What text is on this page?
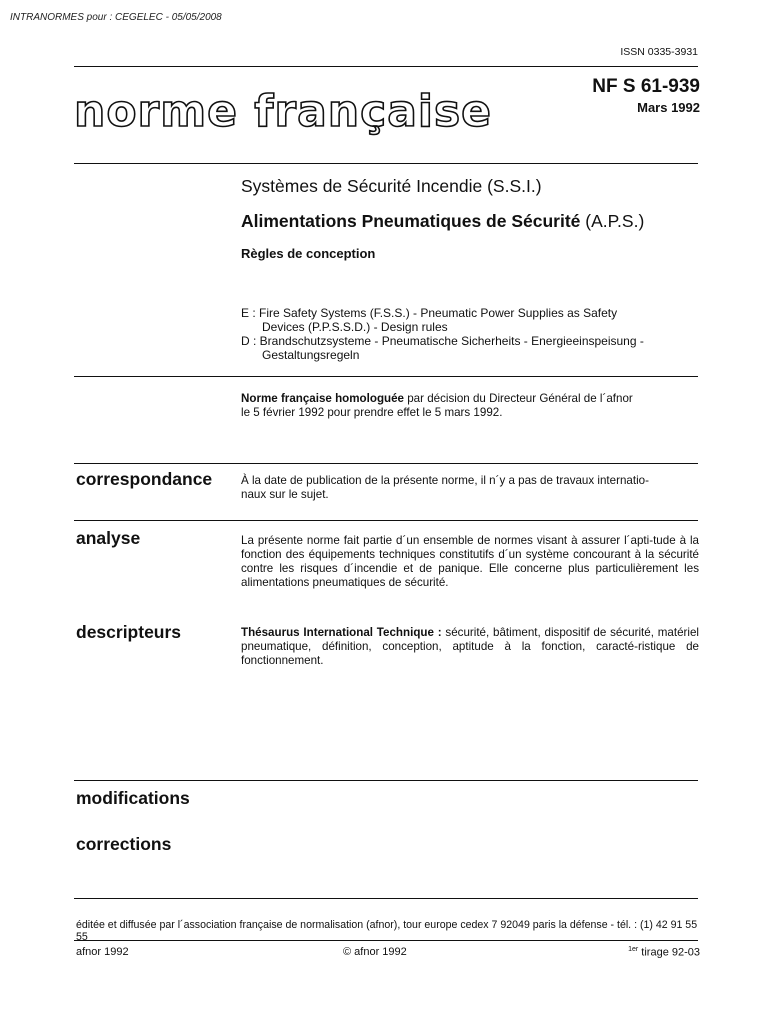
INTRANORMES pour : CEGELEC - 05/05/2008
ISSN 0335-3931
norme française	NF S 61-939
Mars 1992
Systèmes de Sécurité Incendie (S.S.I.)
Alimentations Pneumatiques de Sécurité (A.P.S.)
Règles de conception
E : Fire Safety Systems (F.S.S.) - Pneumatic Power Supplies as Safety
Devices (P.P.S.S.D.) - Design rules
D : Brandschutzsysteme - Pneumatische Sicherheits - Energieeinspeisung -
Gestaltungsregeln
Norme française homologuée par décision du Directeur Général de l´afnor
le 5 février 1992 pour prendre effet le 5 mars 1992.
correspondance À la date de publication de la présente norme, il n´y a pas de travaux internatio-
naux sur le sujet.
analyse	La présente norme fait partie d´un ensemble de normes visant à assurer l´apti-tude à la fonction des équipements techniques constitutifs d´un système concourant à la sécurité contre les risques d´incendie et de panique. Elle concerne plus particulièrement les alimentations pneumatiques de sécurité.
descripteurs	Thésaurus International Technique : sécurité, bâtiment, dispositif de sécurité, matériel pneumatique, définition, conception, aptitude à la fonction, caracté-ristique de fonctionnement.
modifications
corrections
éditée et diffusée par l´association française de normalisation (afnor), tour europe cedex 7 92049 paris la défense - tél. : (1) 42 91 55 55
afnor 1992	© afnor 1992	$^{1er}$ tirage 92-03
